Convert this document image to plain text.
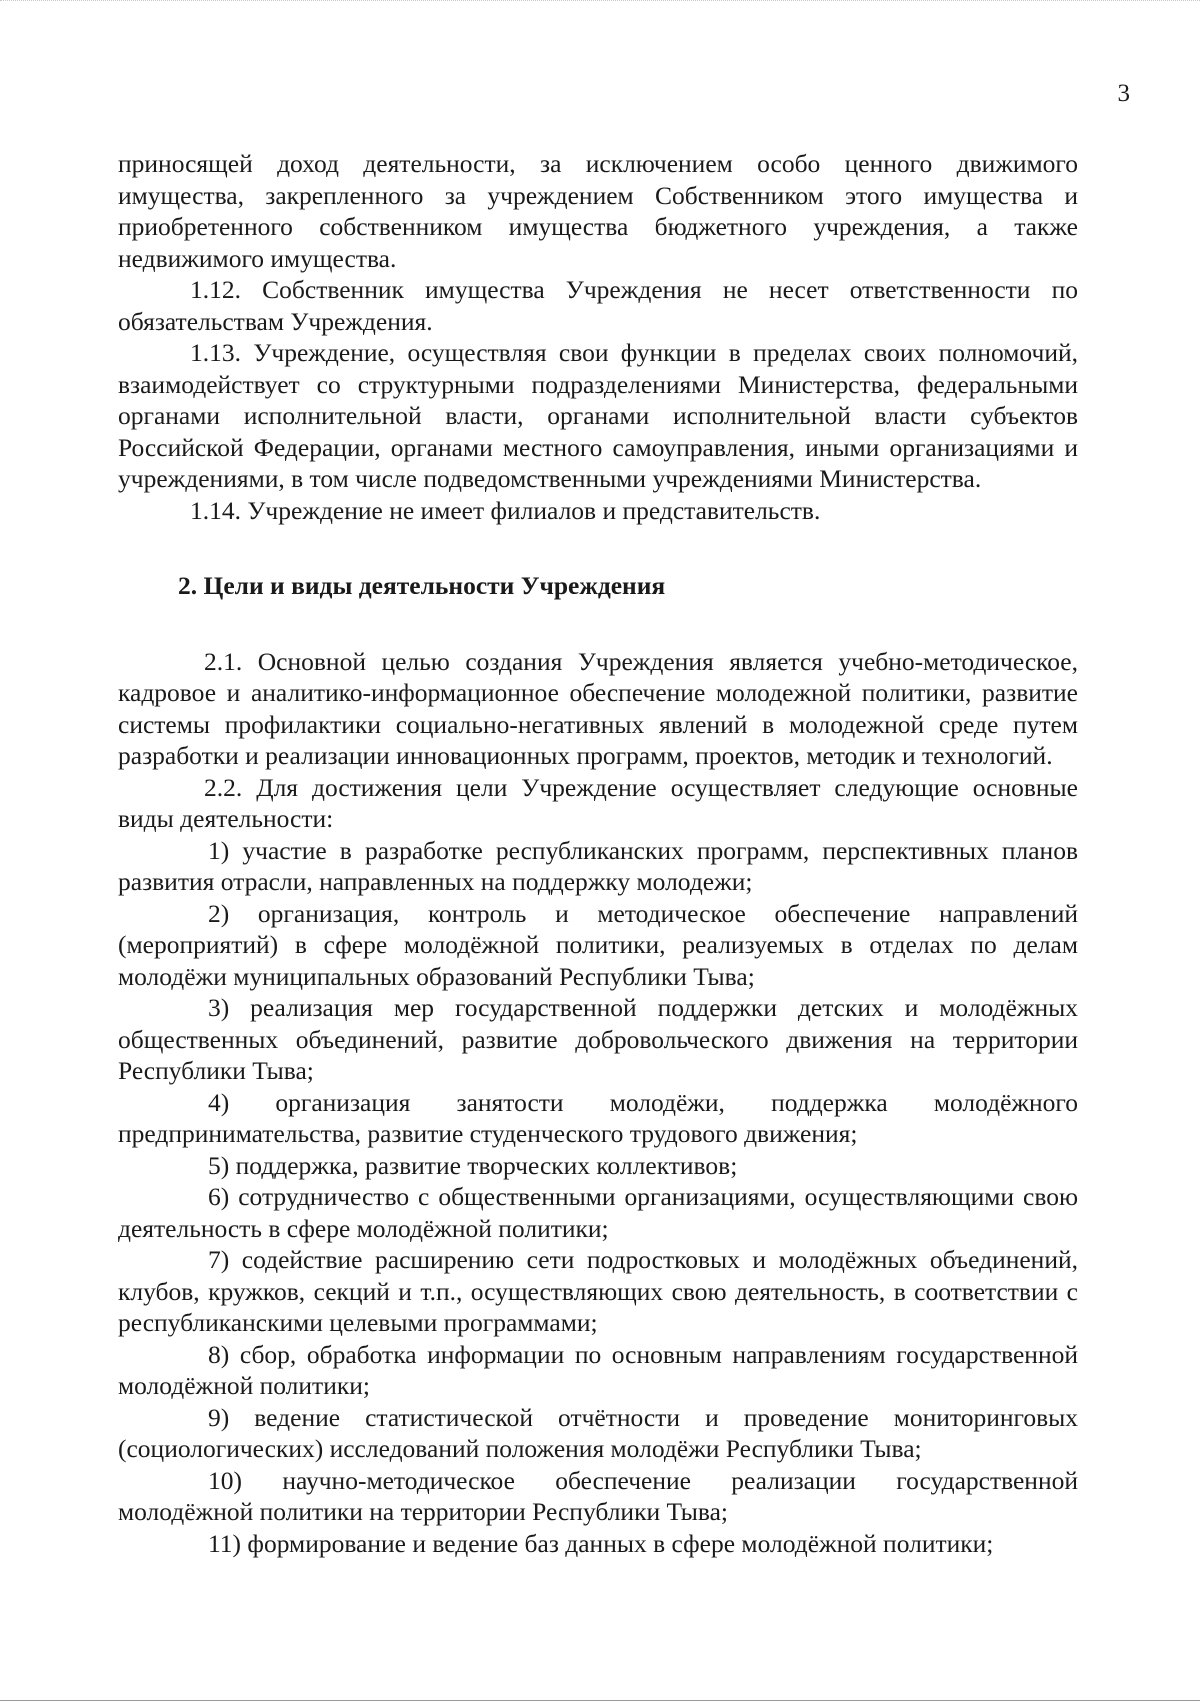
3

приносящей доход деятельности, за исключением особо ценного движимого имущества, закрепленного за учреждением Собственником этого имущества и приобретенного собственником имущества бюджетного учреждения, а также недвижимого имущества.

1.12. Собственник имущества Учреждения не несет ответственности по обязательствам Учреждения.

1.13. Учреждение, осуществляя свои функции в пределах своих полномочий, взаимодействует со структурными подразделениями Министерства, федеральными органами исполнительной власти, органами исполнительной власти субъектов Российской Федерации, органами местного самоуправления, иными организациями и учреждениями, в том числе подведомственными учреждениями Министерства.

1.14. Учреждение не имеет филиалов и представительств.

2. Цели и виды деятельности Учреждения

2.1. Основной целью создания Учреждения является учебно-методическое, кадровое и аналитико-информационное обеспечение молодежной политики, развитие системы профилактики социально-негативных явлений в молодежной среде путем разработки и реализации инновационных программ, проектов, методик и технологий.

2.2. Для достижения цели Учреждение осуществляет следующие основные виды деятельности:

1) участие в разработке республиканских программ, перспективных планов развития отрасли, направленных на поддержку молодежи;

2) организация, контроль и методическое обеспечение направлений (мероприятий) в сфере молодёжной политики, реализуемых в отделах по делам молодёжи муниципальных образований Республики Тыва;

3) реализация мер государственной поддержки детских и молодёжных общественных объединений, развитие добровольческого движения на территории Республики Тыва;

4) организация занятости молодёжи, поддержка молодёжного предпринимательства, развитие студенческого трудового движения;

5) поддержка, развитие творческих коллективов;

6) сотрудничество с общественными организациями, осуществляющими свою деятельность в сфере молодёжной политики;

7) содействие расширению сети подростковых и молодёжных объединений, клубов, кружков, секций и т.п., осуществляющих свою деятельность, в соответствии с республиканскими целевыми программами;

8) сбор, обработка информации по основным направлениям государственной молодёжной политики;

9) ведение статистической отчётности и проведение мониторинговых (социологических) исследований положения молодёжи Республики Тыва;

10) научно-методическое обеспечение реализации государственной молодёжной политики на территории Республики Тыва;

11) формирование и ведение баз данных в сфере молодёжной политики;
